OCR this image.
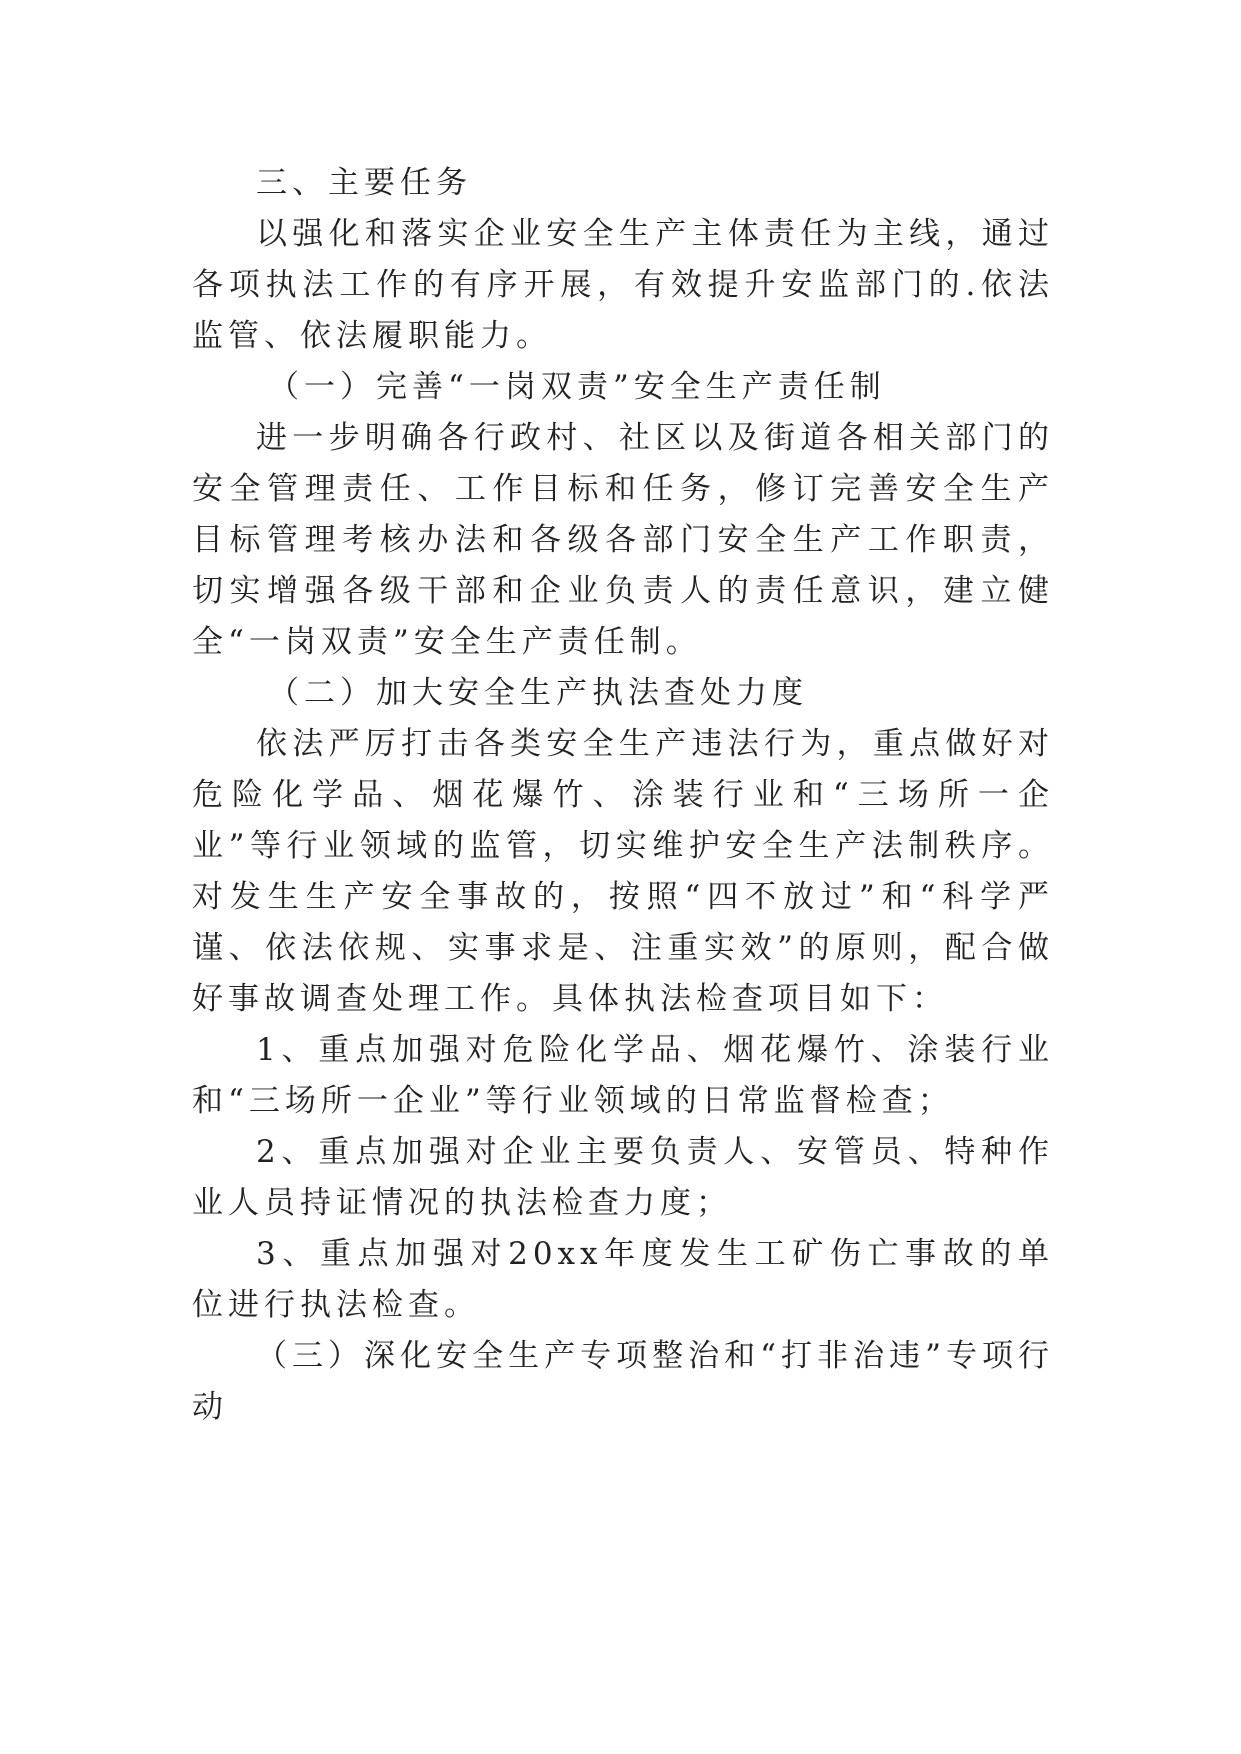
三、主要任务

以强化和落实企业安全生产主体责任为主线，通过各项执法工作的有序开展，有效提升安监部门的.依法监管、依法履职能力。

（一）完善“一岗双责”安全生产责任制

进一步明确各行政村、社区以及街道各相关部门的安全管理责任、工作目标和任务，修订完善安全生产目标管理考核办法和各级各部门安全生产工作职责，切实增强各级干部和企业负责人的责任意识，建立健全“一岗双责”安全生产责任制。

（二）加大安全生产执法查处力度

依法严厉打击各类安全生产违法行为，重点做好对危险化学品、烟花爆竹、涂装行业和“三场所一企业”等行业领域的监管，切实维护安全生产法制秩序。对发生生产安全事故的，按照“四不放过”和“科学严谨、依法依规、实事求是、注重实效”的原则，配合做好事故调查处理工作。具体执法检查项目如下：

1、重点加强对危险化学品、烟花爆竹、涂装行业和“三场所一企业”等行业领域的日常监督检查；

2、重点加强对企业主要负责人、安管员、特种作业人员持证情况的执法检查力度；

3、重点加强对20xx年度发生工矿伤亡事故的单位进行执法检查。

（三）深化安全生产专项整治和“打非治违”专项行动
